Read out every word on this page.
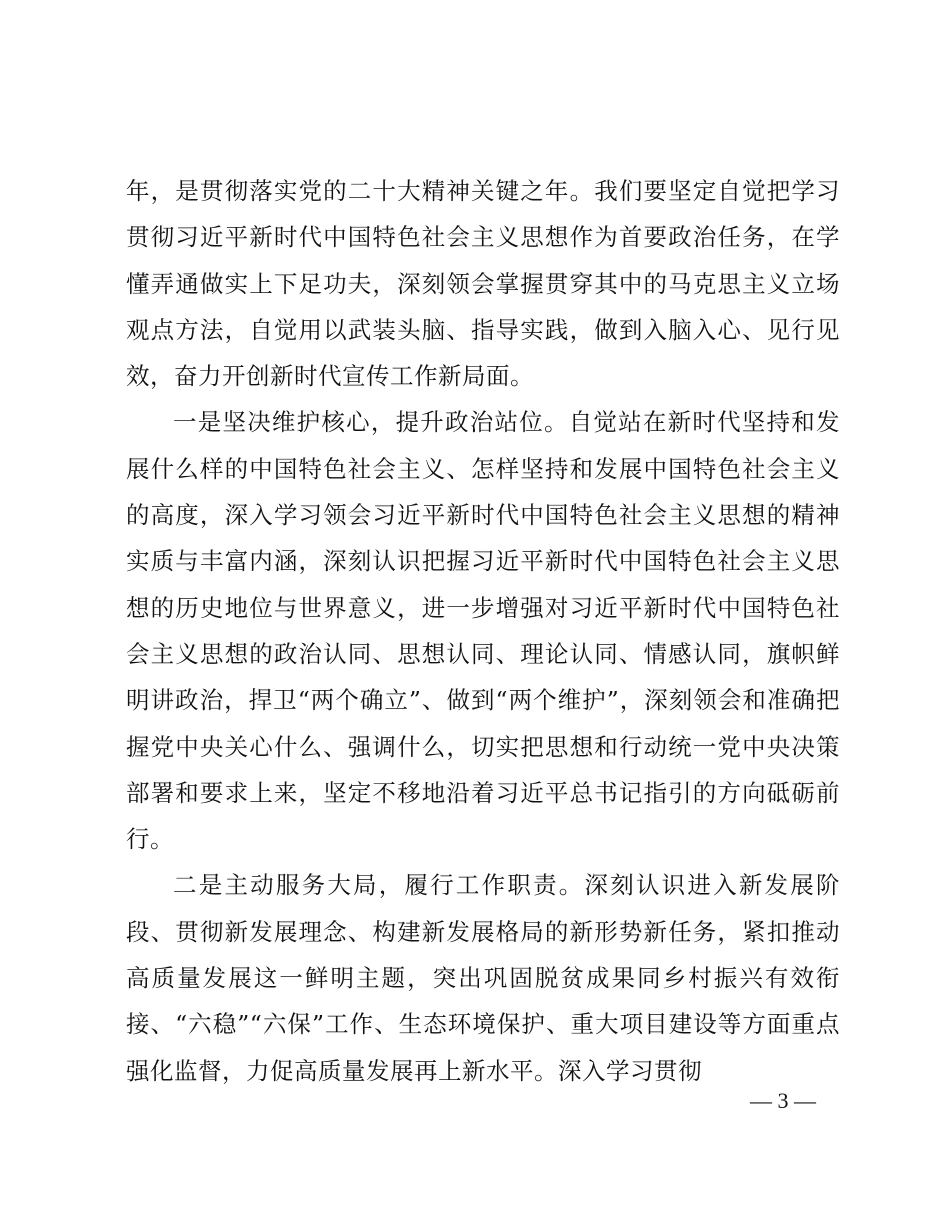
年，是贯彻落实党的二十大精神关键之年。我们要坚定自觉把学习贯彻习近平新时代中国特色社会主义思想作为首要政治任务，在学懂弄通做实上下足功夫，深刻领会掌握贯穿其中的马克思主义立场观点方法，自觉用以武装头脑、指导实践，做到入脑入心、见行见效，奋力开创新时代宣传工作新局面。

一是坚决维护核心，提升政治站位。自觉站在新时代坚持和发展什么样的中国特色社会主义、怎样坚持和发展中国特色社会主义的高度，深入学习领会习近平新时代中国特色社会主义思想的精神实质与丰富内涵，深刻认识把握习近平新时代中国特色社会主义思想的历史地位与世界意义，进一步增强对习近平新时代中国特色社会主义思想的政治认同、思想认同、理论认同、情感认同，旗帜鲜明讲政治，捍卫“两个确立”、做到“两个维护”，深刻领会和准确把握党中央关心什么、强调什么，切实把思想和行动统一党中央决策部署和要求上来，坚定不移地沿着习近平总书记指引的方向砥砺前行。

二是主动服务大局，履行工作职责。深刻认识进入新发展阶段、贯彻新发展理念、构建新发展格局的新形势新任务，紧扣推动高质量发展这一鲜明主题，突出巩固脱贫成果同乡村振兴有效衔接、“六稳”“六保”工作、生态环境保护、重大项目建设等方面重点强化监督，力促高质量发展再上新水平。深入学习贯彻

— 3 —
